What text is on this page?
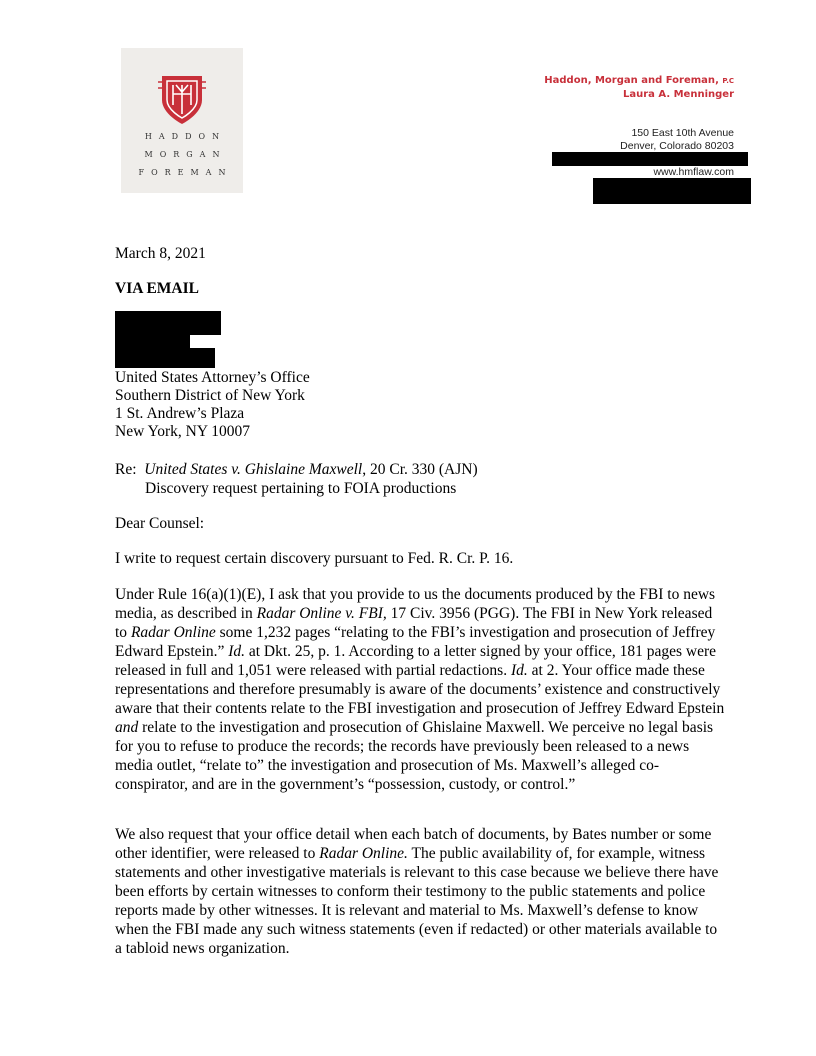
HADDON
MORGAN
FOREMAN
Haddon, Morgan and Foreman, P.C
Laura A. Menninger
150 East 10th Avenue
Denver, Colorado 80203
www.hmflaw.com
March 8, 2021
VIA EMAIL
United States Attorney’s Office
Southern District of New York
1 St. Andrew’s Plaza
New York, NY 10007
Re: United States v. Ghislaine Maxwell, 20 Cr. 330 (AJN)
Discovery request pertaining to FOIA productions
Dear Counsel:
I write to request certain discovery pursuant to Fed. R. Cr. P. 16.

Under Rule 16(a)(1)(E), I ask that you provide to us the documents produced by the FBI to news media, as described in Radar Online v. FBI, 17 Civ. 3956 (PGG). The FBI in New York released to Radar Online some 1,232 pages “relating to the FBI’s investigation and prosecution of Jeffrey Edward Epstein.” Id. at Dkt. 25, p. 1. According to a letter signed by your office, 181 pages were released in full and 1,051 were released with partial redactions. Id. at 2. Your office made these representations and therefore presumably is aware of the documents’ existence and constructively aware that their contents relate to the FBI investigation and prosecution of Jeffrey Edward Epstein and relate to the investigation and prosecution of Ghislaine Maxwell. We perceive no legal basis for you to refuse to produce the records; the records have previously been released to a news media outlet, “relate to” the investigation and prosecution of Ms. Maxwell’s alleged co-conspirator, and are in the government’s “possession, custody, or control.”

We also request that your office detail when each batch of documents, by Bates number or some other identifier, were released to Radar Online. The public availability of, for example, witness statements and other investigative materials is relevant to this case because we believe there have been efforts by certain witnesses to conform their testimony to the public statements and police reports made by other witnesses. It is relevant and material to Ms. Maxwell’s defense to know when the FBI made any such witness statements (even if redacted) or other materials available to a tabloid news organization.
